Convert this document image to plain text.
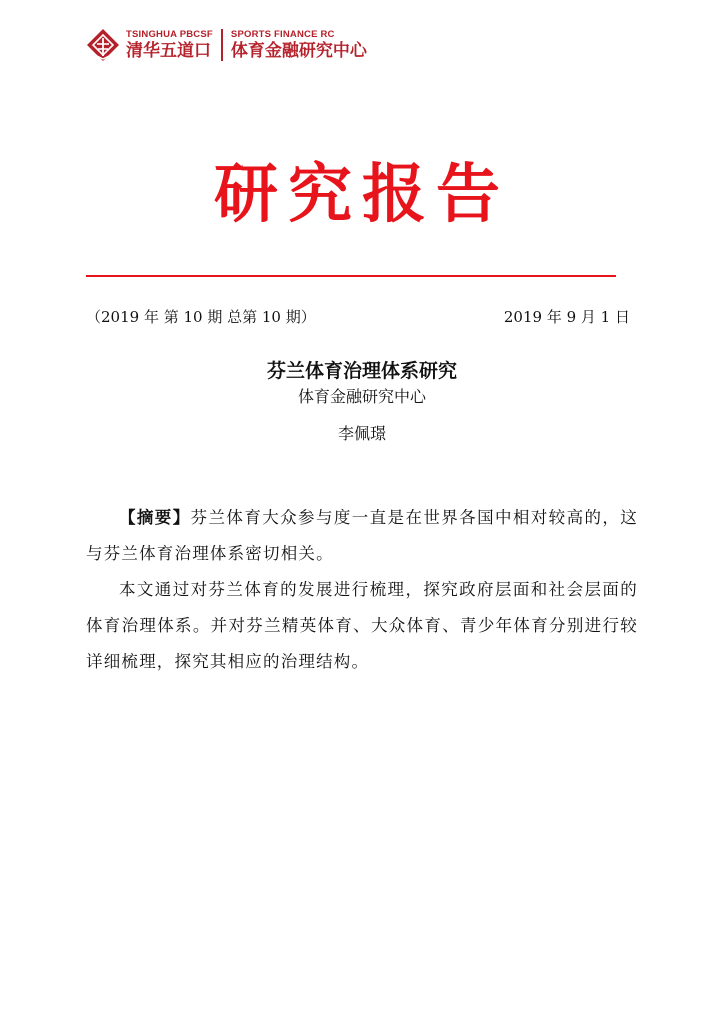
TSINGHUA PBCSF
清华五道口
SPORTS FINANCE RC
体育金融研究中心
研究报告
（2019 年 第 10 期 总第 10 期）	2019 年 9 月 1 日
芬兰体育治理体系研究
体育金融研究中心
李佩璟

【摘要】芬兰体育大众参与度一直是在世界各国中相对较高的，这与芬兰体育治理体系密切相关。

本文通过对芬兰体育的发展进行梳理，探究政府层面和社会层面的体育治理体系。并对芬兰精英体育、大众体育、青少年体育分别进行较详细梳理，探究其相应的治理结构。
